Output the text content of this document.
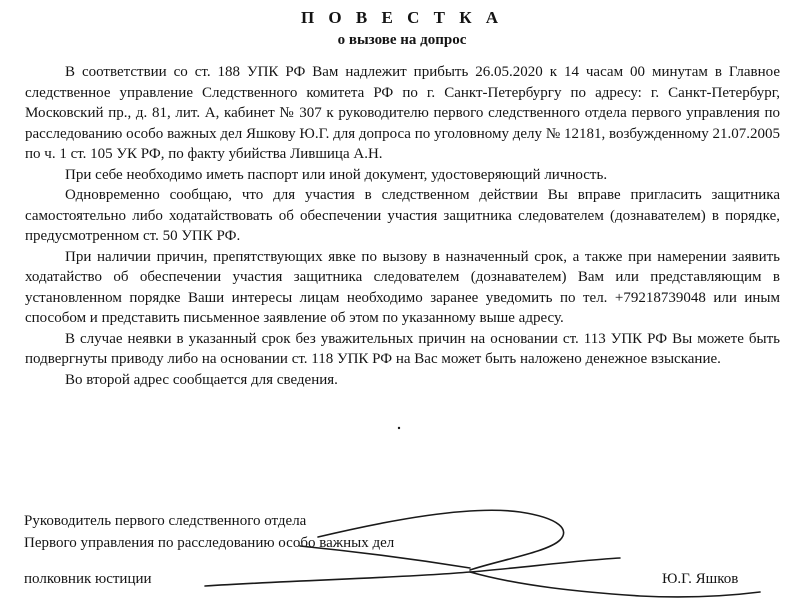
П О В Е С Т К А
о вызове на допрос

В соответствии со ст. 188 УПК РФ Вам надлежит прибыть 26.05.2020 к 14 часам 00 минутам в Главное следственное управление Следственного комитета РФ по г. Санкт-Петербургу по адресу: г. Санкт-Петербург, Московский пр., д. 81, лит. А, кабинет № 307 к руководителю первого следственного отдела первого управления по расследованию особо важных дел Яшкову Ю.Г. для допроса по уголовному делу № 12181, возбужденному 21.07.2005 по ч. 1 ст. 105 УК РФ, по факту убийства Лившица А.Н.

При себе необходимо иметь паспорт или иной документ, удостоверяющий личность.

Одновременно сообщаю, что для участия в следственном действии Вы вправе пригласить защитника самостоятельно либо ходатайствовать об обеспечении участия защитника следователем (дознавателем) в порядке, предусмотренном ст. 50 УПК РФ.

При наличии причин, препятствующих явке по вызову в назначенный срок, а также при намерении заявить ходатайство об обеспечении участия защитника следователем (дознавателем) Вам или представляющим в установленном порядке Ваши интересы лицам необходимо заранее уведомить по тел. +79218739048 или иным способом и представить письменное заявление об этом по указанному выше адресу.

В случае неявки в указанный срок без уважительных причин на основании ст. 113 УПК РФ Вы можете быть подвергнуты приводу либо на основании ст. 118 УПК РФ на Вас может быть наложено денежное взыскание.

Во второй адрес сообщается для сведения.

Руководитель первого следственного отдела
Первого управления по расследованию особо важных дел
полковник юстиции	Ю.Г. Яшков
